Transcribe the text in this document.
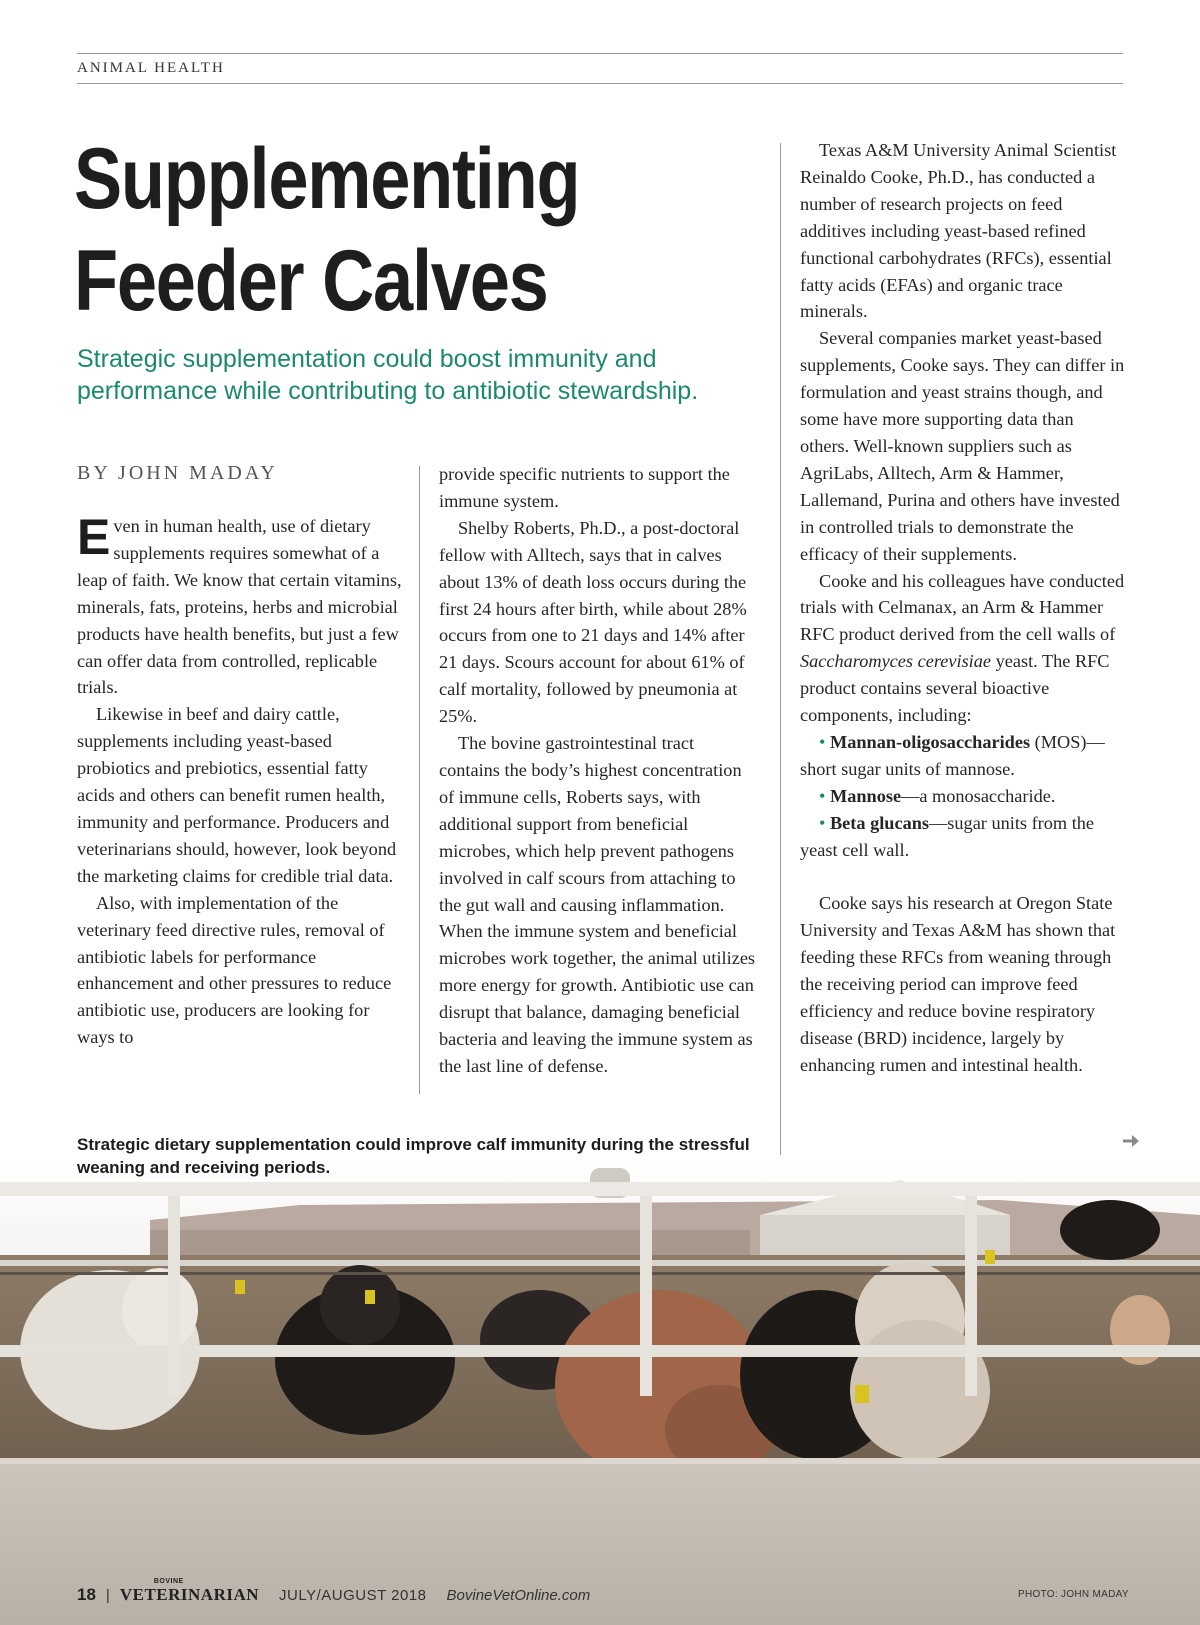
ANIMAL HEALTH
Supplementing
Feeder Calves
Strategic supplementation could boost immunity and performance while contributing to antibiotic stewardship.
BY JOHN MADAY

Even in human health, use of dietary supplements requires somewhat of a leap of faith. We know that certain vitamins, minerals, fats, proteins, herbs and microbial products have health benefits, but just a few can offer data from controlled, replicable trials.

Likewise in beef and dairy cattle, supplements including yeast-based probiotics and prebiotics, essential fatty acids and others can benefit rumen health, immunity and performance. Producers and veterinarians should, however, look beyond the marketing claims for credible trial data.

Also, with implementation of the veterinary feed directive rules, removal of antibiotic labels for performance enhancement and other pressures to reduce antibiotic use, producers are looking for ways to

provide specific nutrients to support the immune system.

Shelby Roberts, Ph.D., a post-doctoral fellow with Alltech, says that in calves about 13% of death loss occurs during the first 24 hours after birth, while about 28% occurs from one to 21 days and 14% after 21 days. Scours account for about 61% of calf mortality, followed by pneumonia at 25%.

The bovine gastrointestinal tract contains the body’s highest concentration of immune cells, Roberts says, with additional support from beneficial microbes, which help prevent pathogens involved in calf scours from attaching to the gut wall and causing inflammation. When the immune system and beneficial microbes work together, the animal utilizes more energy for growth. Antibiotic use can disrupt that balance, damaging beneficial bacteria and leaving the immune system as the last line of defense.

Texas A&M University Animal Scientist Reinaldo Cooke, Ph.D., has conducted a number of research projects on feed additives including yeast-based refined functional carbohydrates (RFCs), essential fatty acids (EFAs) and organic trace minerals.

Several companies market yeast-based supplements, Cooke says. They can differ in formulation and yeast strains though, and some have more supporting data than others. Well-known suppliers such as AgriLabs, Alltech, Arm & Hammer, Lallemand, Purina and others have invested in controlled trials to demonstrate the efficacy of their supplements.

Cooke and his colleagues have conducted trials with Celmanax, an Arm & Hammer RFC product derived from the cell walls of Saccharomyces cerevisiae yeast. The RFC product contains several bioactive components, including:

• Mannan-oligosaccharides (MOS)—short sugar units of mannose.

• Mannose—a monosaccharide.

• Beta glucans—sugar units from the yeast cell wall.

Cooke says his research at Oregon State University and Texas A&M has shown that feeding these RFCs from weaning through the receiving period can improve feed efficiency and reduce bovine respiratory disease (BRD) incidence, largely by enhancing rumen and intestinal health.

Strategic dietary supplementation could improve calf immunity during the stressful weaning and receiving periods.
18 |
BOVINE
VETERINARIAN JULY/AUGUST 2018 BovineVetOnline.com	PHOTO: JOHN MADAY
